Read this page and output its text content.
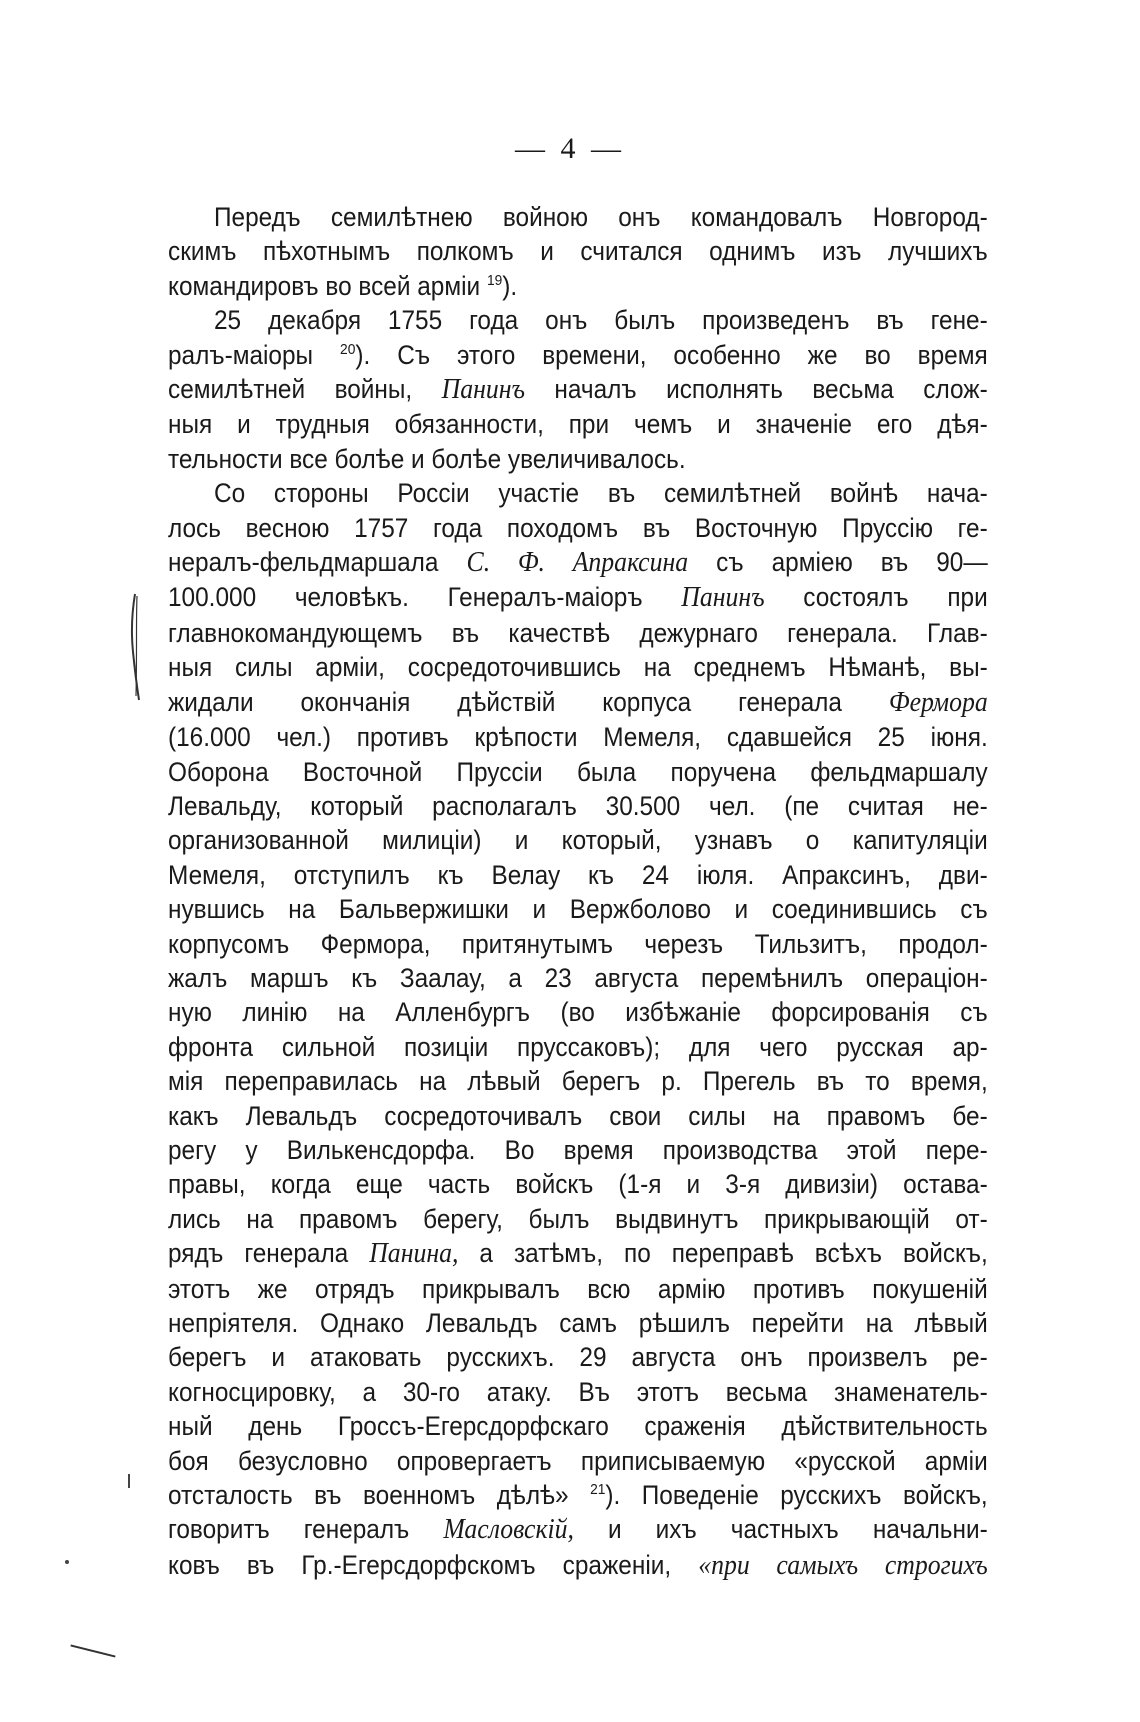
— 4 —
Передъ семилѣтнею войною онъ командовалъ Новгород-
скимъ пѣхотнымъ полкомъ и считался однимъ изъ лучшихъ
командировъ во всей арміи $^{19}$).
25 декабря 1755 года онъ былъ произведенъ въ гене-
ралъ-маіоры $^{20}$). Съ этого времени, особенно же во время
семилѣтней войны, Панинъ началъ исполнять весьма слож-
ныя и трудныя обязанности, при чемъ и значеніе его дѣя-
тельности все болѣе и болѣе увеличивалось.
Со стороны Россіи участіе въ семилѣтней войнѣ нача-
лось весною 1757 года походомъ въ Восточную Пруссію ге-
нералъ-фельдмаршала С. Ф. Апраксина съ арміею въ 90—
100.000 человѣкъ. Генералъ-маіоръ Панинъ состоялъ при
главнокомандующемъ въ качествѣ дежурнаго генерала. Глав-
ныя силы арміи, сосредоточившись на среднемъ Нѣманѣ, вы-
жидали окончанія дѣйствій корпуса генерала Фермора
(16.000 чел.) противъ крѣпости Мемеля, сдавшейся 25 іюня.
Оборона Восточной Пруссіи была поручена фельдмаршалу
Левальду, который располагалъ 30.500 чел. (пе считая не-
организованной милиціи) и который, узнавъ о капитуляціи
Мемеля, отступилъ къ Велау къ 24 іюля. Апраксинъ, дви-
нувшись на Бальвержишки и Вержболово и соединившись съ
корпусомъ Фермора, притянутымъ черезъ Тильзитъ, продол-
жалъ маршъ къ Заалау, а 23 августа перемѣнилъ операціон-
ную линію на Алленбургъ (во избѣжаніе форсированія съ
фронта сильной позиціи пруссаковъ); для чего русская ар-
мія переправилась на лѣвый берегъ р. Прегель въ то время,
какъ Левальдъ сосредоточивалъ свои силы на правомъ бе-
регу у Вилькенсдорфа. Во время производства этой пере-
правы, когда еще часть войскъ (1-я и 3-я дивизіи) остава-
лись на правомъ берегу, былъ выдвинутъ прикрывающій от-
рядъ генерала Панина, а затѣмъ, по переправѣ всѣхъ войскъ,
этотъ же отрядъ прикрывалъ всю армію противъ покушеній
непріятеля. Однако Левальдъ самъ рѣшилъ перейти на лѣвый
берегъ и атаковать русскихъ. 29 августа онъ произвелъ ре-
когносцировку, а 30-го атаку. Въ этотъ весьма знаменатель-
ный день Гроссъ-Егерсдорфскаго сраженія дѣйствительность
боя безусловно опровергаетъ приписываемую «русской арміи
отсталость въ военномъ дѣлѣ» $^{21}$). Поведеніе русскихъ войскъ,
говоритъ генералъ Масловскій, и ихъ частныхъ начальни-
ковъ въ Гр.-Егерсдорфскомъ сраженіи, «при самыхъ строгихъ
